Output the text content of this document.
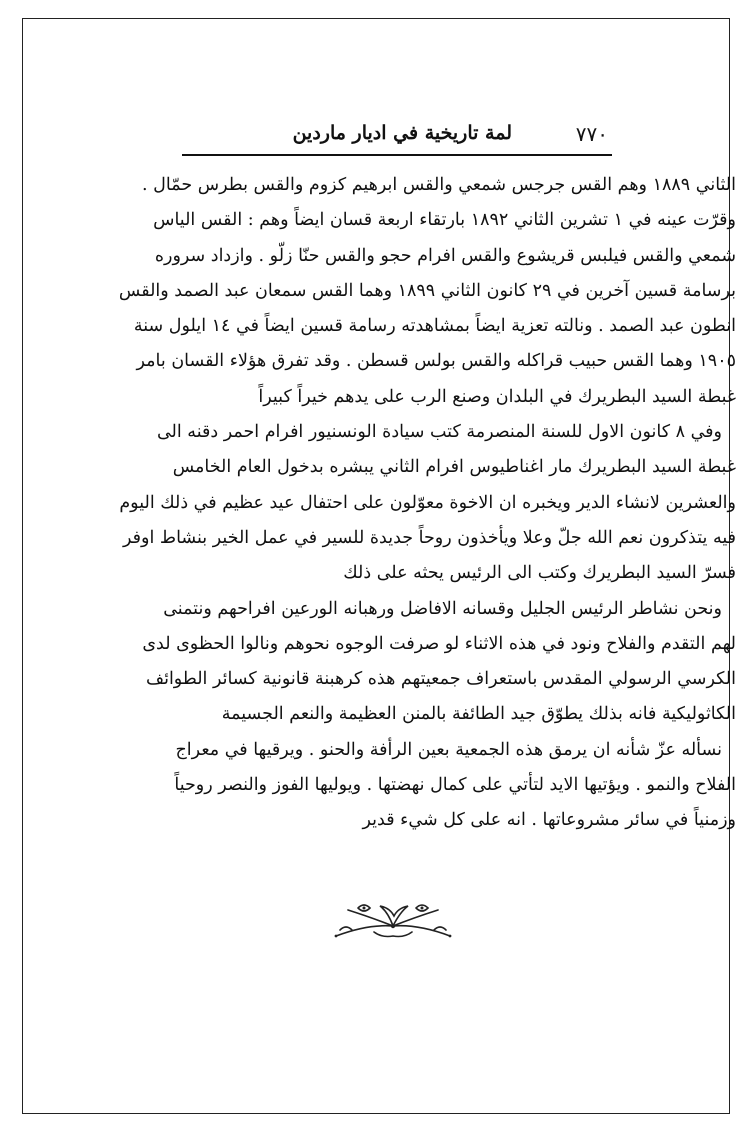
٧٧٠
لمة تاريخية في اديار ماردين
الثاني ١٨٨٩ وهم القس جرجس شمعي والقس ابرهيم كزوم والقس بطرس حمّال .
وقرّت عينه في ١ تشرين الثاني ١٨٩٢ بارتقاء اربعة قسان ايضاً وهم : القس الياس
شمعي والقس فيلبس قريشوع والقس افرام حجو والقس حنّا زلّو . وازداد سروره
برسامة قسين آخرين في ٢٩ كانون الثاني ١٨٩٩ وهما القس سمعان عبد الصمد والقس
انطون عبد الصمد . ونالته تعزية ايضاً بمشاهدته رسامة قسين ايضاً في ١٤ ايلول سنة
١٩٠٥ وهما القس حبيب قراكله والقس بولس قسطن . وقد تفرق هؤلاء القسان بامر
غبطة السيد البطريرك في البلدان وصنع الرب على يدهم خيراً كبيراً
وفي ٨ كانون الاول للسنة المنصرمة كتب سيادة الونسنيور افرام احمر دقنه الى
غبطة السيد البطريرك مار اغناطيوس افرام الثاني يبشره بدخول العام الخامس
والعشرين لانشاء الدير ويخبره ان الاخوة معوّلون على احتفال عيد عظيم في ذلك اليوم
فيه يتذكرون نعم الله جلّ وعلا ويأخذون روحاً جديدة للسير في عمل الخير بنشاط اوفر
فسرّ السيد البطريرك وكتب الى الرئيس يحثه على ذلك
ونحن نشاطر الرئيس الجليل وقسانه الافاضل ورهبانه الورعين افراحهم ونتمنى
لهم التقدم والفلاح ونود في هذه الاثناء لو صرفت الوجوه نحوهم ونالوا الحظوى لدى
الكرسي الرسولي المقدس باستعراف جمعيتهم هذه كرهبنة قانونية كسائر الطوائف
الكاثوليكية فانه بذلك يطوّق جيد الطائفة بالمنن العظيمة والنعم الجسيمة
نسأله عزّ شأنه ان يرمق هذه الجمعية بعين الرأفة والحنو . ويرقيها في معراج
الفلاح والنمو . ويؤتيها الايد لتأتي على كمال نهضتها . ويوليها الفوز والنصر روحياً
وزمنياً في سائر مشروعاتها . انه على كل شيء قدير
